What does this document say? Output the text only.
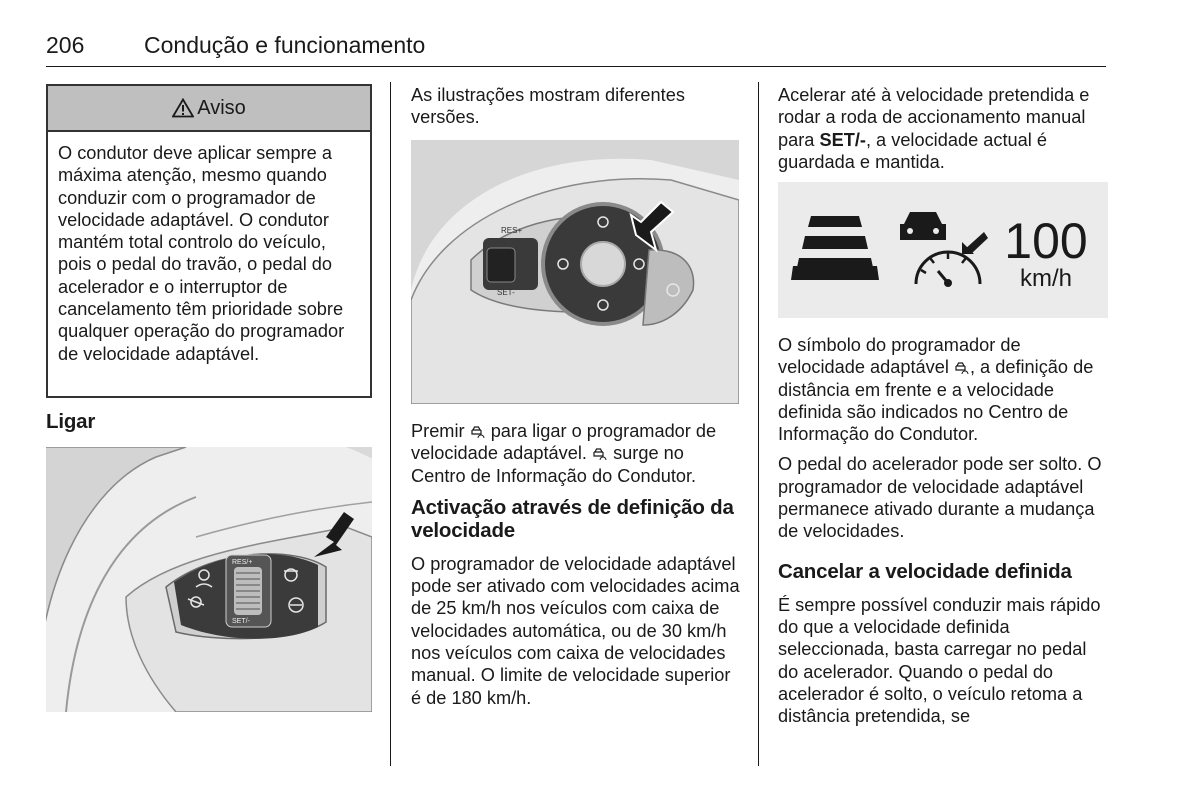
206	Condução e funcionamento
Aviso
O condutor deve aplicar sempre a máxima atenção, mesmo quando conduzir com o programador de velocidade adaptável. O condutor mantém total controlo do veículo, pois o pedal do travão, o pedal do acelerador e o interruptor de cancelamento têm prioridade sobre qualquer operação do programador de velocidade adaptável.
Ligar
RES/+
SET/-

As ilustrações mostram diferentes versões.

RES+
SET-

Premir para ligar o programador de velocidade adaptável. surge no Centro de Informação do Condutor.

Activação através de definição da velocidade

O programador de velocidade adaptável pode ser ativado com velocidades acima de 25 km/h nos veículos com caixa de velocidades automática, ou de 30 km/h nos veículos com caixa de velocidades manual. O limite de velocidade superior é de 180 km/h.

Acelerar até à velocidade pretendida e rodar a roda de accionamento manual para SET/-, a velocidade actual é guardada e mantida.

100
km/h

O símbolo do programador de velocidade adaptável , a definição de distância em frente e a velocidade definida são indicados no Centro de Informação do Condutor.

O pedal do acelerador pode ser solto. O programador de velocidade adaptável permanece ativado durante a mudança de velocidades.

Cancelar a velocidade definida

É sempre possível conduzir mais rápido do que a velocidade definida seleccionada, basta carregar no pedal do acelerador. Quando o pedal do acelerador é solto, o veículo retoma a distância pretendida, se
